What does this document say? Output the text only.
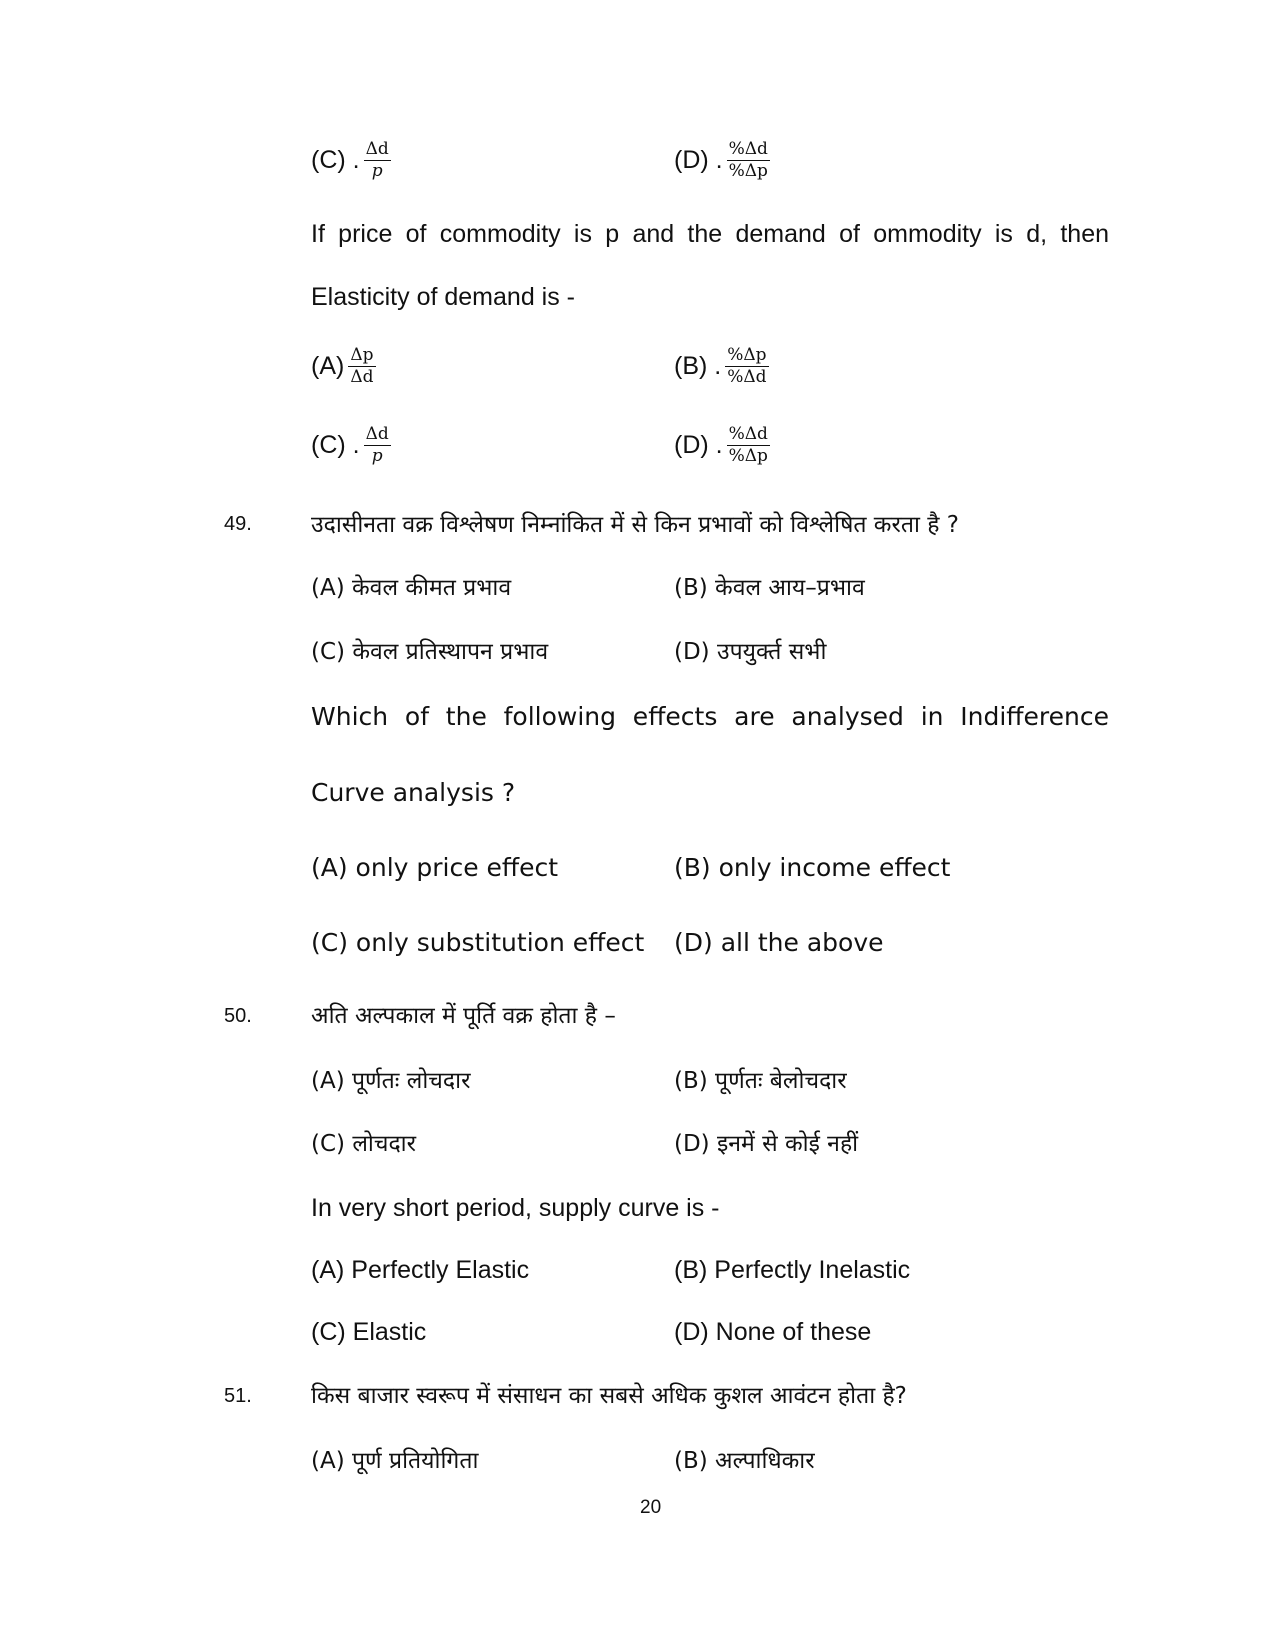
(C) . $\frac{\Delta d}{p}$	(D) . $\frac{\%\Delta d}{\%\Delta p}$
If price of commodity is p and the demand of ommodity is d, then
Elasticity of demand is -
$(A) \frac{\Delta p}{\Delta d}$	(B) . $\frac{\%\Delta p}{\%\Delta d}$
(C) . $\frac{\Delta d}{p}$	(D) . $\frac{\%\Delta d}{\%\Delta p}$
49.	उदासीनता वक्र विश्लेषण निम्नांकित में से किन प्रभावों को विश्लेषित करता है ?
(A) केवल कीमत प्रभाव	(B) केवल आय–प्रभाव
(C) केवल प्रतिस्थापन प्रभाव	(D) उपयुर्क्त सभी
Which of the following effects are analysed in Indifference
Curve analysis ?
(A) only price effect	(B) only income effect
(C) only substitution effect (D) all the above
50.	अति अल्पकाल में पूर्ति वक्र होता है –
(A) पूर्णतः लोचदार	(B) पूर्णतः बेलोचदार
(C) लोचदार	(D) इनमें से कोई नहीं
In very short period, supply curve is -
(A) Perfectly Elastic	(B) Perfectly Inelastic
(C) Elastic	(D) None of these
51.	किस बाजार स्वरूप में संसाधन का सबसे अधिक कुशल आवंटन होता है?
(A) पूर्ण प्रतियोगिता	(B) अल्पाधिकार
20
